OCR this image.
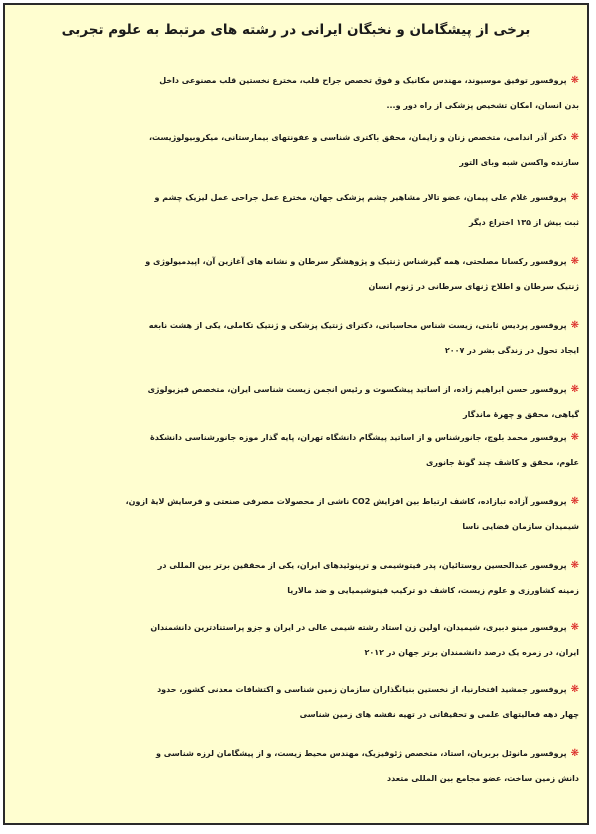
برخی از پیشگامان و نخبگان ایرانی در رشته های مرتبط به علوم تجربی

❋پروفسور توفیق موسیوند، مهندس مکانیک و فوق تخصص جراح قلب، مخترع نخستین قلب مصنوعی داخل

بدن انسان، امکان تشخیص پزشکی از راه دور و...

❋دکتر آذر اندامی، متخصص زنان و زایمان، محقق باکتری شناسی و عفونتهای بیمارستانی، میکروبیولوژیست،

سازنده واکسن شبه وبای التور

❋پروفسور غلام علی پیمان، عضو تالار مشاهیر چشم پزشکی جهان، مخترع عمل جراحی عمل لیزیک چشم و

ثبت بیش از ۱۳۵ اختراع دیگر

❋پروفسور رکسانا مصلحتی، همه گیرشناس ژنتیک و پژوهشگر سرطان و نشانه های آغازین آن، اپیدمیولوژی و

ژنتیک سرطان و اطلاح ژنهای سرطانی در ژنوم انسان

❋پروفسور پردیس ثابتی، زیست شناس محاسباتی، دکترای ژنتیک پزشکی و ژنتیک تکاملی، یکی از هشت نابغه

ایجاد تحول در زندگی بشر در ۲۰۰۷

❋پروفسور حسن ابراهیم زاده، از اساتید پیشکسوت و رئیس انجمن زیست شناسی ایران، متخصص فیزیولوژی

گیاهی، محقق و چهرهٔ ماندگار

❋پروفسور محمد بلوچ، جانورشناس و از اساتید پیشگام دانشگاه تهران، پایه گذار موزه جانورشناسی دانشکدهٔ

علوم، محقق و کاشف چند گونهٔ جانوری

❋پروفسور آزاده تبازاده، کاشف ارتباط بین افزایش CO2 ناشی از محصولات مصرفی صنعتی و فرسایش لایهٔ ازون،

شیمیدان سازمان فضایی ناسا

❋پروفسور عبدالحسین روستائیان، پدر فیتوشیمی و ترپنوئیدهای ایران، یکی از محققین برتر بین المللی در

زمینه کشاورزی و علوم زیست، کاشف دو ترکیب فیتوشیمیایی و ضد مالاریا

❋پروفسور مینو دبیری، شیمیدان، اولین زن استاد رشته شیمی عالی در ایران و جزو پراستنادترین دانشمندان

ایران، در زمره یک درصد دانشمندان برتر جهان در ۲۰۱۲

❋پروفسور جمشید افتخارنیا، از نخستین بنیانگذاران سازمان زمین شناسی و اکتشافات معدنی کشور، حدود

چهار دهه فعالیتهای علمی و تحقیقاتی در تهیه نقشه های زمین شناسی

❋پروفسور مانوئل بربریان، استاد، متخصص ژئوفیزیک، مهندس محیط زیست، و از پیشگامان لرزه شناسی و

دانش زمین ساخت، عضو مجامع بین المللی متعدد
